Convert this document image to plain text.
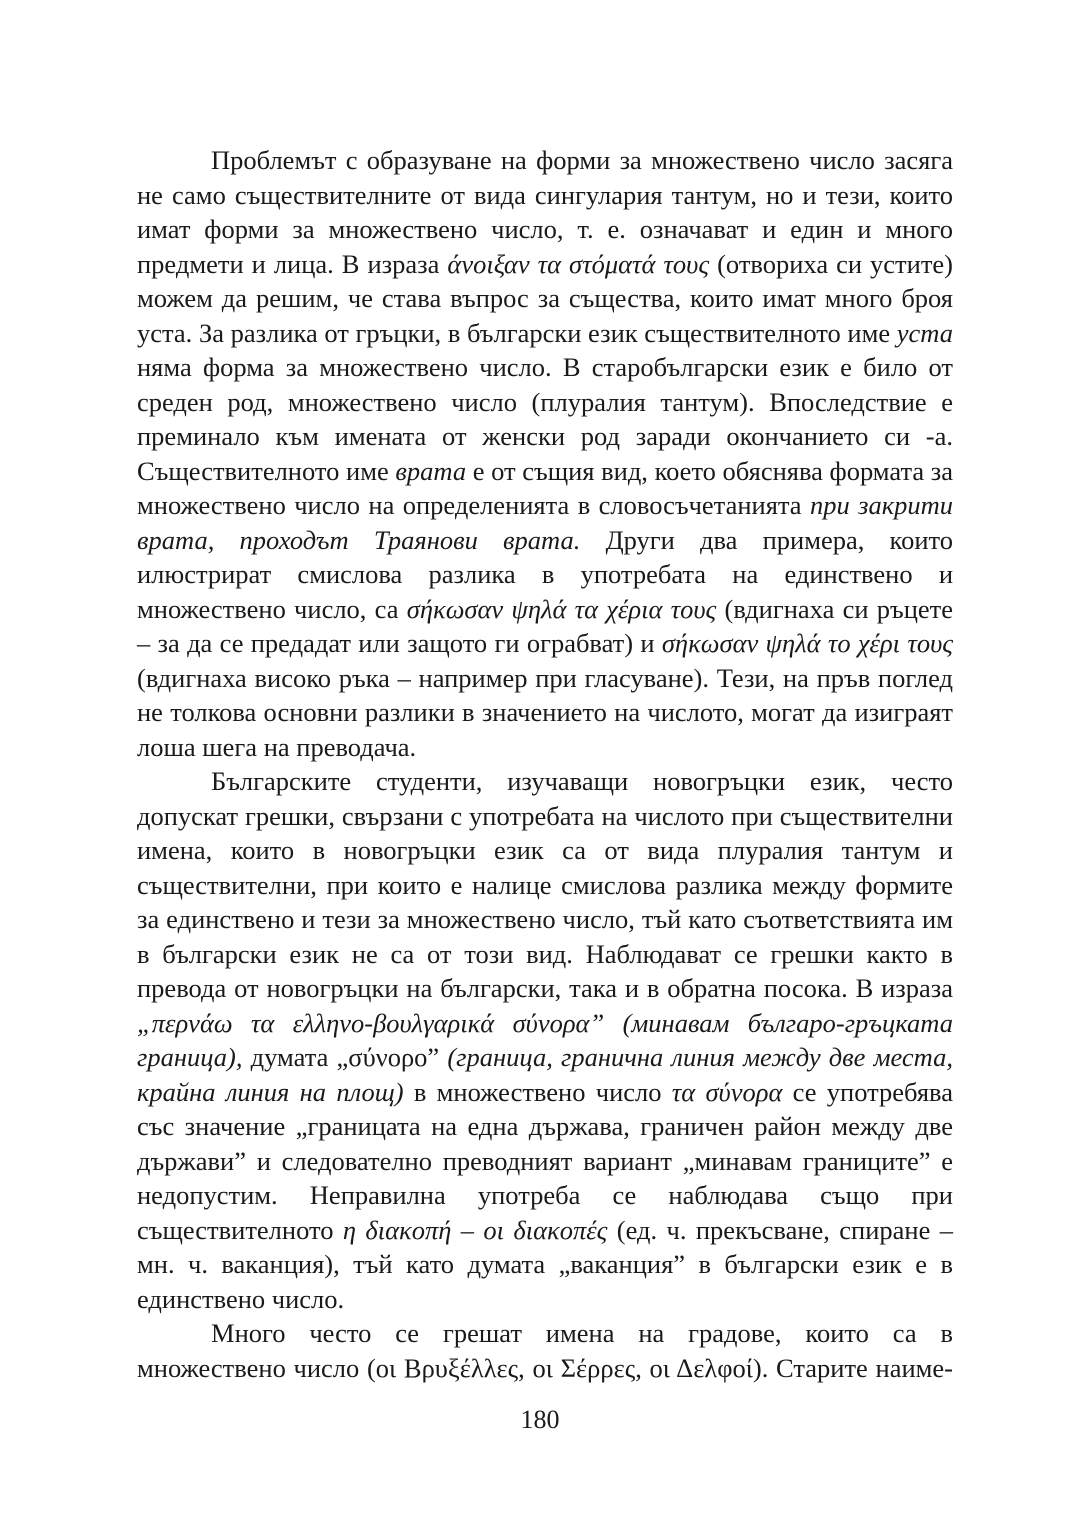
Проблемът с образуване на форми за множествено число засяга не само съществителните от вида сингулария тантум, но и тези, които имат форми за множествено число, т. е. означават и един и много предмети и лица. В израза άνοιξαν τα στόματά τους (отвориха си устите) можем да решим, че става въпрос за същества, които имат много броя уста. За разлика от гръцки, в български език съществителното име уста няма форма за множествено число. В старобългарски език е било от среден род, множествено число (плуралия тантум). Впоследствие е преминало към имената от женски род заради окончанието си -а. Съществителното име врата е от същия вид, което обяснява формата за множествено число на определенията в словосъчетанията при закрити врата, проходът Траянови врата. Други два примера, които илюстрират смислова разлика в употребата на единствено и множествено число, са σήκωσαν ψηλά τα χέρια τους (вдигнаха си ръцете – за да се предадат или защото ги ограбват) и σήκωσαν ψηλά το χέρι τους (вдигнаха високо ръка – например при гласуване). Тези, на пръв поглед не толкова основни разлики в значението на числото, могат да изиграят лоша шега на преводача.

Българските студенти, изучаващи новогръцки език, често допускат грешки, свързани с употребата на числото при съществителни имена, които в новогръцки език са от вида плуралия тантум и съществителни, при които е налице смислова разлика между формите за единствено и тези за множествено число, тъй като съответствията им в български език не са от този вид. Наблюдават се грешки както в превода от новогръцки на български, така и в обратна посока. В израза „περνάω τα ελληνο-βουλγαρικά σύνορα” (минавам българо-гръцката граница), думата „σύνορο” (граница, гранична линия между две места, крайна линия на площ) в множествено число τα σύνορα се употребява със значение „границата на една държава, граничен район между две държави” и следователно преводният вариант „минавам границите” е недопустим. Неправилна употреба се наблюдава също при съществителното η διακοπή – οι διακοπές (ед. ч. прекъсване, спиране – мн. ч. ваканция), тъй като думата „ваканция” в български език е в единствено число.

Много често се грешат имена на градове, които са в множествено число (οι Βρυξέλλες, οι Σέρρες, οι Δελφοί). Старите наиме-

180
